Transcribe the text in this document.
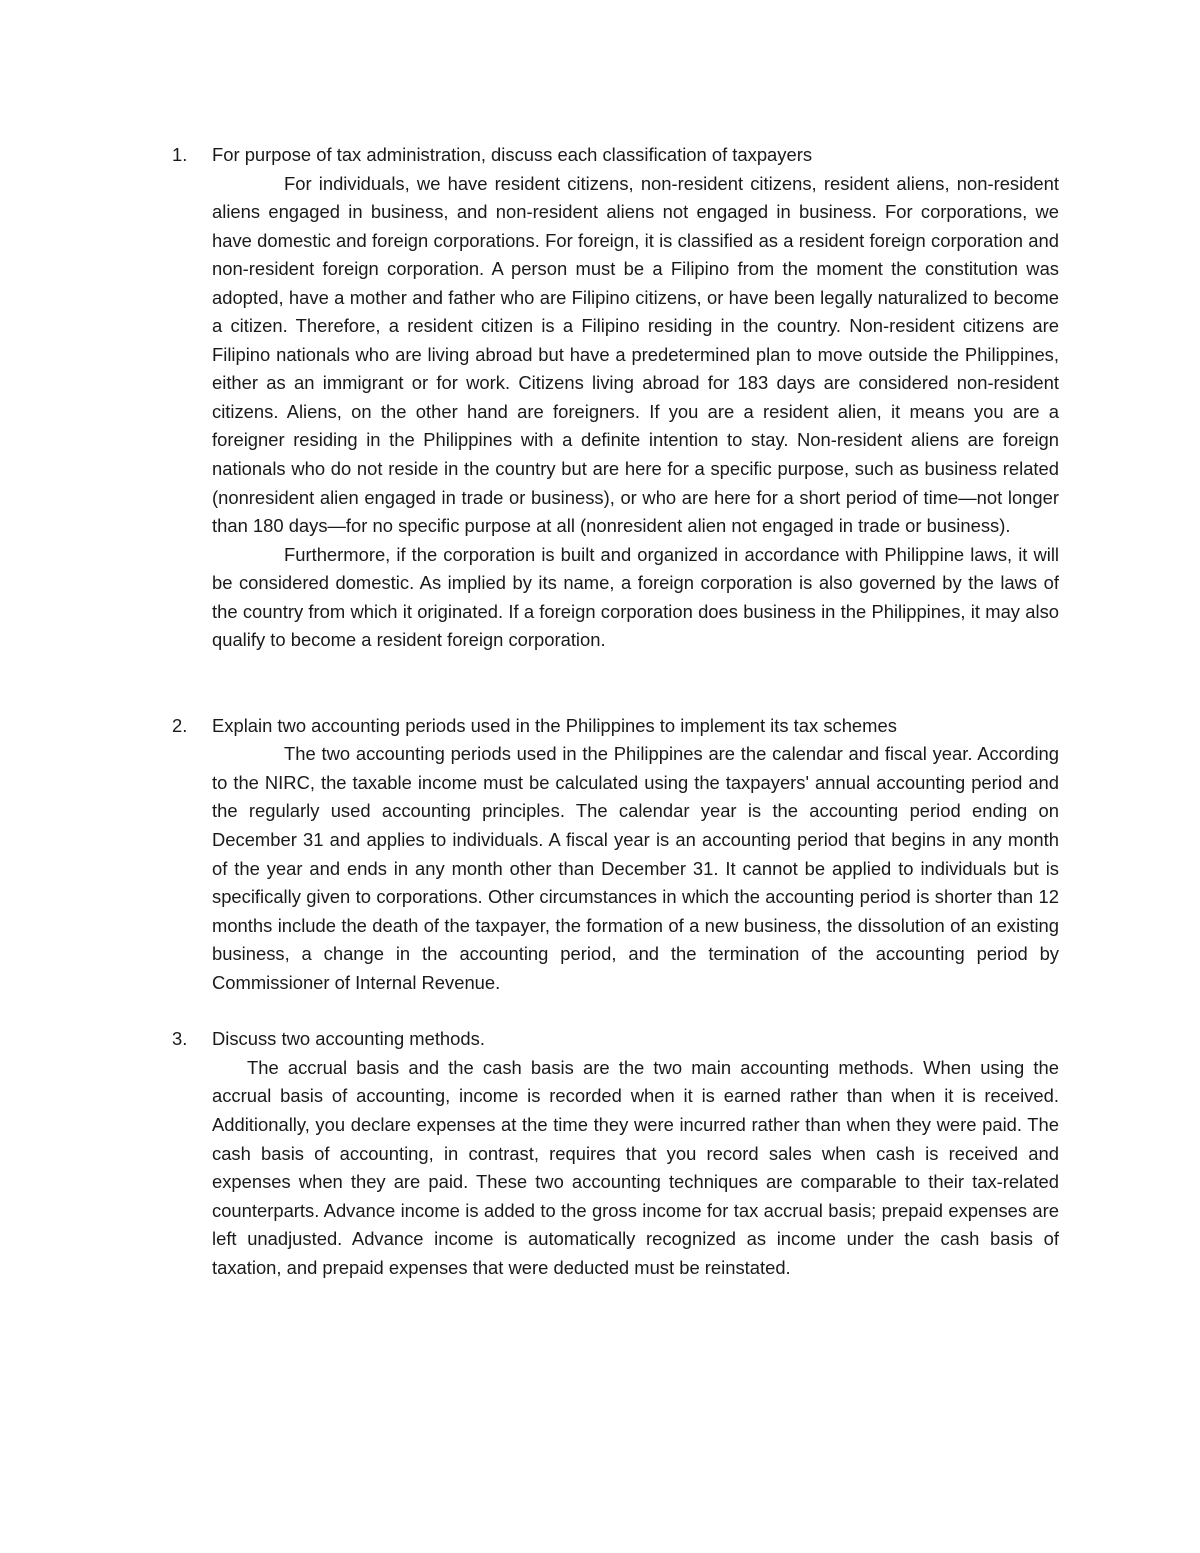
1. For purpose of tax administration, discuss each classification of taxpayers

For individuals, we have resident citizens, non-resident citizens, resident aliens, non-resident aliens engaged in business, and non-resident aliens not engaged in business. For corporations, we have domestic and foreign corporations. For foreign, it is classified as a resident foreign corporation and non-resident foreign corporation. A person must be a Filipino from the moment the constitution was adopted, have a mother and father who are Filipino citizens, or have been legally naturalized to become a citizen. Therefore, a resident citizen is a Filipino residing in the country. Non-resident citizens are Filipino nationals who are living abroad but have a predetermined plan to move outside the Philippines, either as an immigrant or for work. Citizens living abroad for 183 days are considered non-resident citizens. Aliens, on the other hand are foreigners. If you are a resident alien, it means you are a foreigner residing in the Philippines with a definite intention to stay. Non-resident aliens are foreign nationals who do not reside in the country but are here for a specific purpose, such as business related (nonresident alien engaged in trade or business), or who are here for a short period of time—not longer than 180 days—for no specific purpose at all (nonresident alien not engaged in trade or business).

Furthermore, if the corporation is built and organized in accordance with Philippine laws, it will be considered domestic. As implied by its name, a foreign corporation is also governed by the laws of the country from which it originated. If a foreign corporation does business in the Philippines, it may also qualify to become a resident foreign corporation.

2. Explain two accounting periods used in the Philippines to implement its tax schemes

The two accounting periods used in the Philippines are the calendar and fiscal year. According to the NIRC, the taxable income must be calculated using the taxpayers' annual accounting period and the regularly used accounting principles. The calendar year is the accounting period ending on December 31 and applies to individuals. A fiscal year is an accounting period that begins in any month of the year and ends in any month other than December 31. It cannot be applied to individuals but is specifically given to corporations. Other circumstances in which the accounting period is shorter than 12 months include the death of the taxpayer, the formation of a new business, the dissolution of an existing business, a change in the accounting period, and the termination of the accounting period by Commissioner of Internal Revenue.

3. Discuss two accounting methods.

The accrual basis and the cash basis are the two main accounting methods. When using the accrual basis of accounting, income is recorded when it is earned rather than when it is received. Additionally, you declare expenses at the time they were incurred rather than when they were paid. The cash basis of accounting, in contrast, requires that you record sales when cash is received and expenses when they are paid. These two accounting techniques are comparable to their tax-related counterparts. Advance income is added to the gross income for tax accrual basis; prepaid expenses are left unadjusted. Advance income is automatically recognized as income under the cash basis of taxation, and prepaid expenses that were deducted must be reinstated.
